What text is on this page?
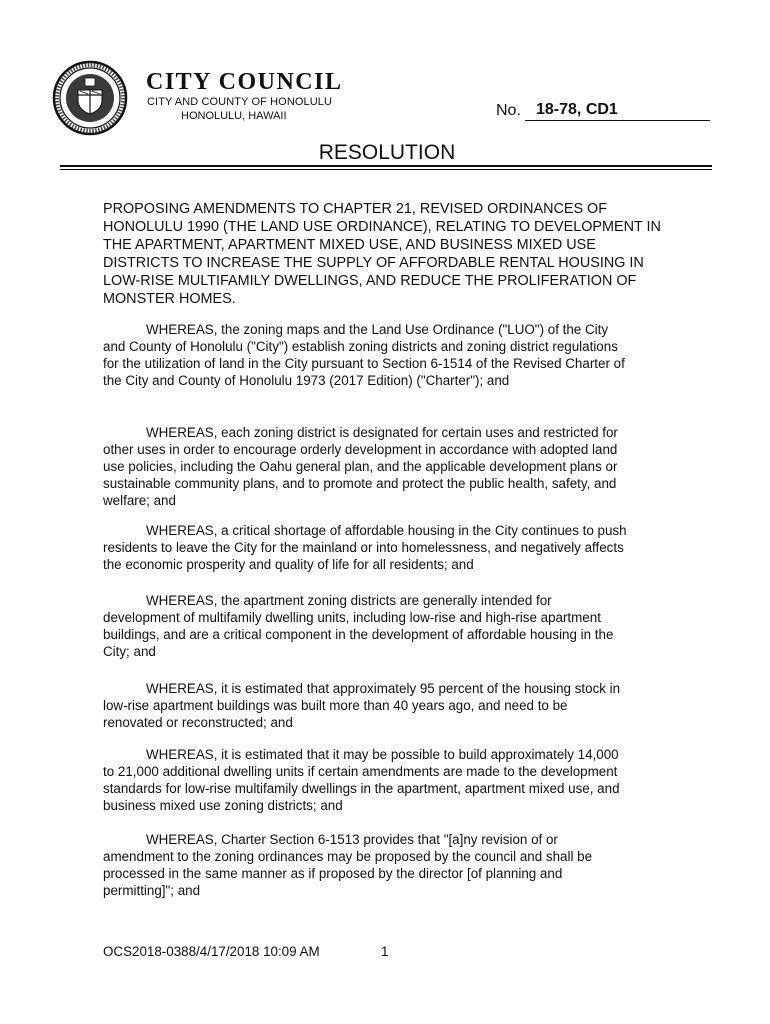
CITY COUNCIL
CITY AND COUNTY OF HONOLULU
HONOLULU, HAWAII	No. 18-78, CD1
RESOLUTION
PROPOSING AMENDMENTS TO CHAPTER 21, REVISED ORDINANCES OF
HONOLULU 1990 (THE LAND USE ORDINANCE), RELATING TO DEVELOPMENT IN
THE APARTMENT, APARTMENT MIXED USE, AND BUSINESS MIXED USE
DISTRICTS TO INCREASE THE SUPPLY OF AFFORDABLE RENTAL HOUSING IN
LOW-RISE MULTIFAMILY DWELLINGS, AND REDUCE THE PROLIFERATION OF
MONSTER HOMES.
WHEREAS, the zoning maps and the Land Use Ordinance ("LUO") of the City
and County of Honolulu ("City") establish zoning districts and zoning district regulations
for the utilization of land in the City pursuant to Section 6-1514 of the Revised Charter of
the City and County of Honolulu 1973 (2017 Edition) ("Charter"); and
WHEREAS, each zoning district is designated for certain uses and restricted for
other uses in order to encourage orderly development in accordance with adopted land
use policies, including the Oahu general plan, and the applicable development plans or
sustainable community plans, and to promote and protect the public health, safety, and
welfare; and
WHEREAS, a critical shortage of affordable housing in the City continues to push
residents to leave the City for the mainland or into homelessness, and negatively affects
the economic prosperity and quality of life for all residents; and
WHEREAS, the apartment zoning districts are generally intended for
development of multifamily dwelling units, including low-rise and high-rise apartment
buildings, and are a critical component in the development of affordable housing in the
City; and
WHEREAS, it is estimated that approximately 95 percent of the housing stock in
low-rise apartment buildings was built more than 40 years ago, and need to be
renovated or reconstructed; and
WHEREAS, it is estimated that it may be possible to build approximately 14,000
to 21,000 additional dwelling units if certain amendments are made to the development
standards for low-rise multifamily dwellings in the apartment, apartment mixed use, and
business mixed use zoning districts; and
WHEREAS, Charter Section 6-1513 provides that "[a]ny revision of or
amendment to the zoning ordinances may be proposed by the council and shall be
processed in the same manner as if proposed by the director [of planning and
permitting]"; and
OCS2018-0388/4/17/2018 10:09 AM	1
